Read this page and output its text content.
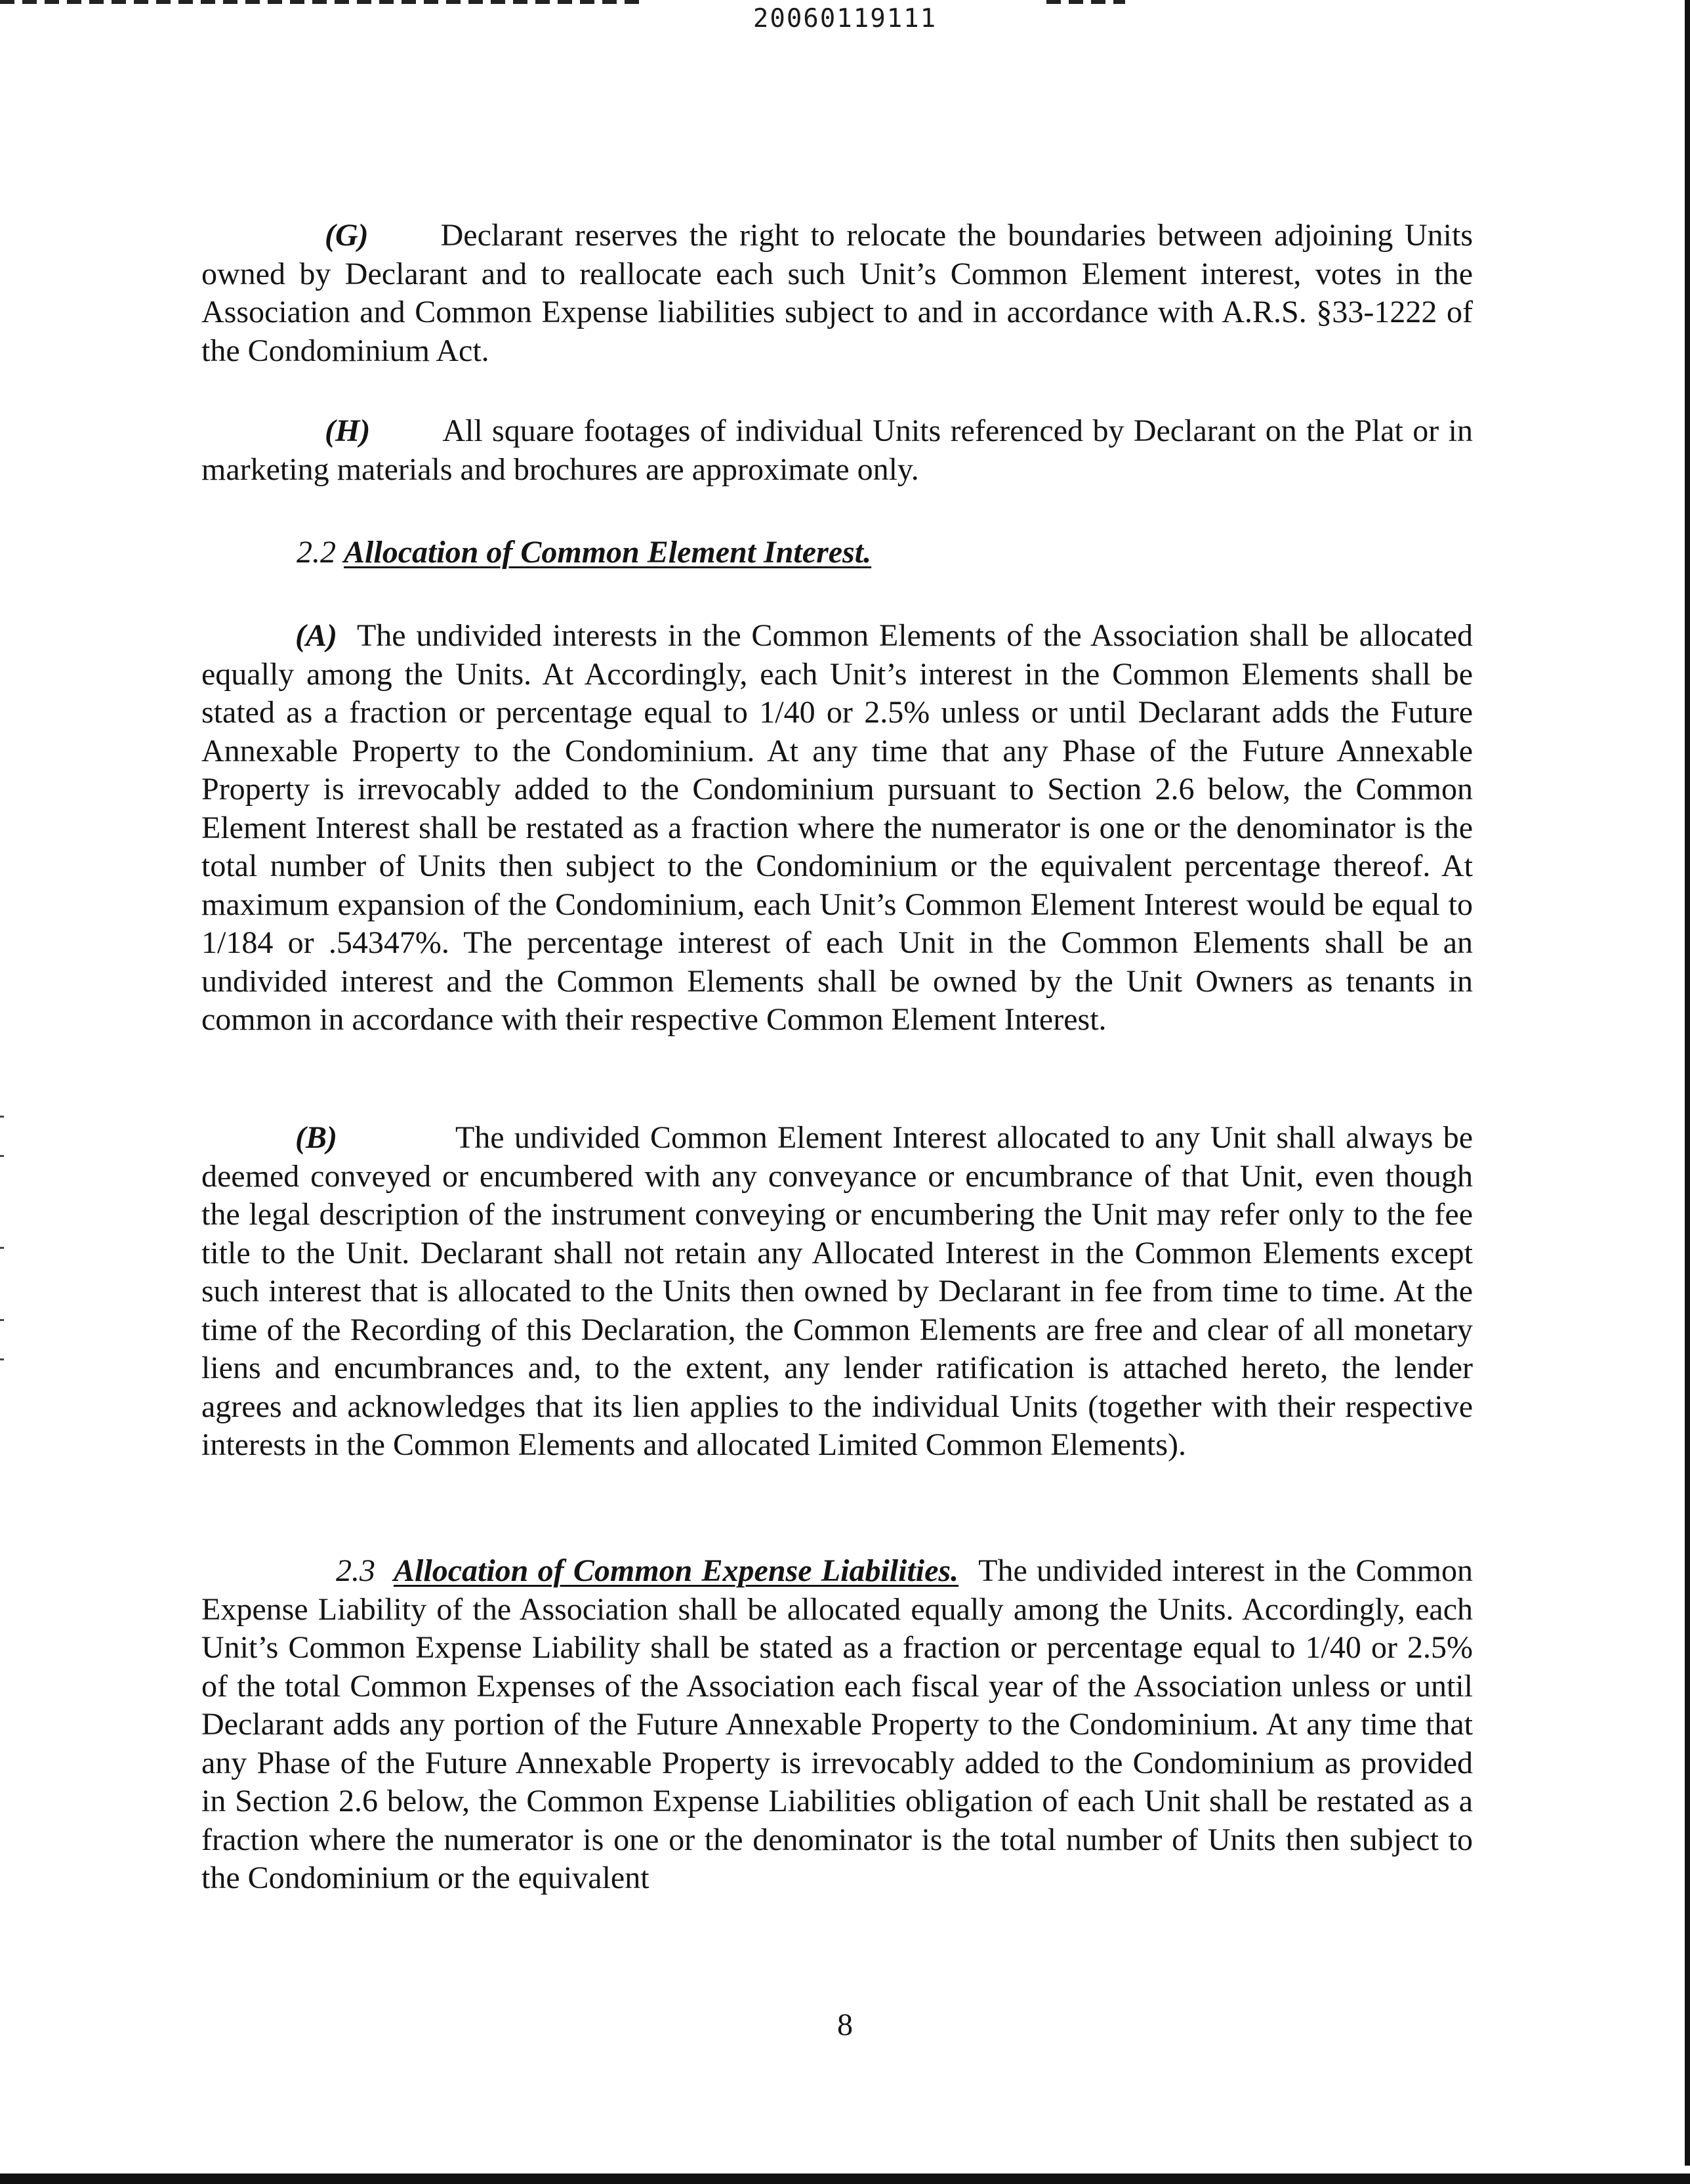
20060119111
(G) Declarant reserves the right to relocate the boundaries between adjoining Units owned by Declarant and to reallocate each such Unit’s Common Element interest, votes in the Association and Common Expense liabilities subject to and in accordance with A.R.S. §33-1222 of the Condominium Act.
(H) All square footages of individual Units referenced by Declarant on the Plat or in marketing materials and brochures are approximate only.
2.2 Allocation of Common Element Interest.
(A) The undivided interests in the Common Elements of the Association shall be allocated equally among the Units. At Accordingly, each Unit’s interest in the Common Elements shall be stated as a fraction or percentage equal to 1/40 or 2.5% unless or until Declarant adds the Future Annexable Property to the Condominium. At any time that any Phase of the Future Annexable Property is irrevocably added to the Condominium pursuant to Section 2.6 below, the Common Element Interest shall be restated as a fraction where the numerator is one or the denominator is the total number of Units then subject to the Condominium or the equivalent percentage thereof. At maximum expansion of the Condominium, each Unit’s Common Element Interest would be equal to 1/184 or .54347%. The percentage interest of each Unit in the Common Elements shall be an undivided interest and the Common Elements shall be owned by the Unit Owners as tenants in common in accordance with their respective Common Element Interest.
(B)	The undivided Common Element Interest allocated to any Unit shall always be deemed conveyed or encumbered with any conveyance or encumbrance of that Unit, even though the legal description of the instrument conveying or encumbering the Unit may refer only to the fee title to the Unit. Declarant shall not retain any Allocated Interest in the Common Elements except such interest that is allocated to the Units then owned by Declarant in fee from time to time. At the time of the Recording of this Declaration, the Common Elements are free and clear of all monetary liens and encumbrances and, to the extent, any lender ratification is attached hereto, the lender agrees and acknowledges that its lien applies to the individual Units (together with their respective interests in the Common Elements and allocated Limited Common Elements).
2.3 Allocation of Common Expense Liabilities. The undivided interest in the Common Expense Liability of the Association shall be allocated equally among the Units. Accordingly, each Unit’s Common Expense Liability shall be stated as a fraction or percentage equal to 1/40 or 2.5% of the total Common Expenses of the Association each fiscal year of the Association unless or until Declarant adds any portion of the Future Annexable Property to the Condominium. At any time that any Phase of the Future Annexable Property is irrevocably added to the Condominium as provided in Section 2.6 below, the Common Expense Liabilities obligation of each Unit shall be restated as a fraction where the numerator is one or the denominator is the total number of Units then subject to the Condominium or the equivalent
8
